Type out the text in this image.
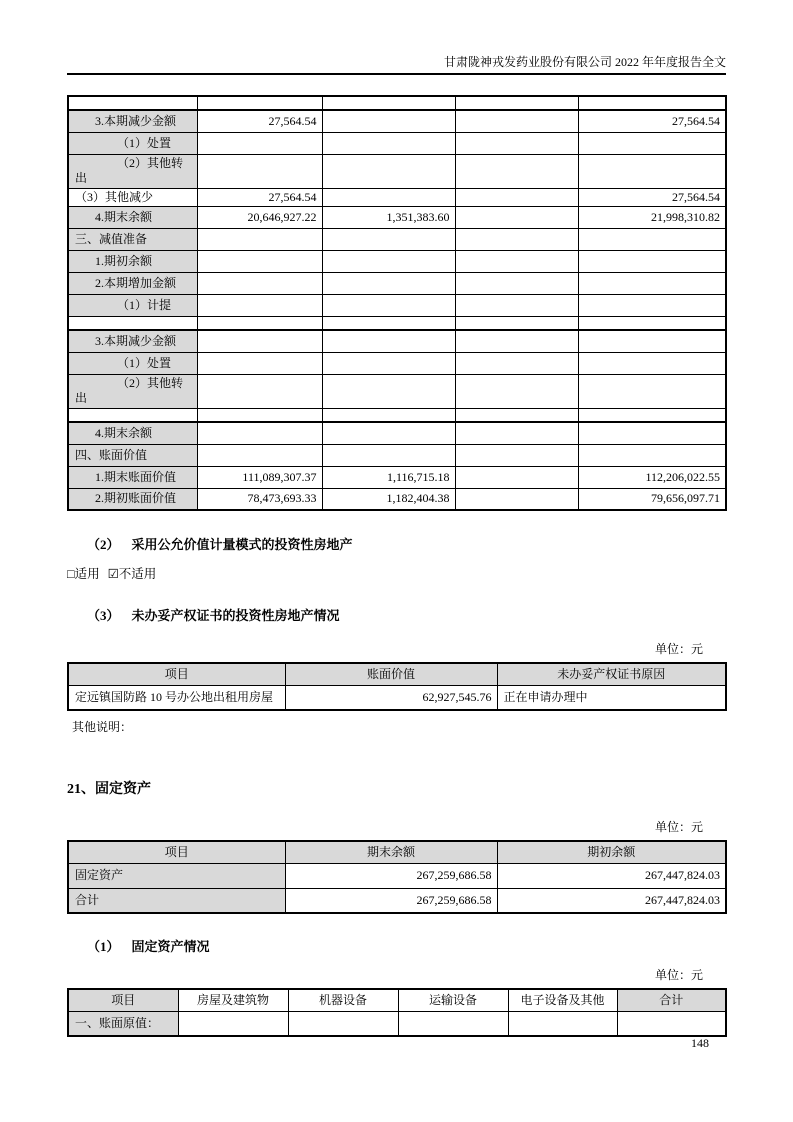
甘肃陇神戎发药业股份有限公司 2022 年年度报告全文

3.本期减少金额	27,564.54			27,564.54
（1）处置				
（2）其他转出				
（3）其他减少	27,564.54			27,564.54
4.期末余额	20,646,927.22	1,351,383.60		21,998,310.82
三、减值准备				
1.期初余额				
2.本期增加金额				
（1）计提				

3.本期减少金额				
（1）处置				
（2）其他转出				

4.期末余额				
四、账面价值				
1.期末账面价值	111,089,307.37	1,116,715.18		112,206,022.55
2.期初账面价值	78,473,693.33	1,182,404.38		79,656,097.71
（2） 采用公允价值计量模式的投资性房地产
□适用 ☑不适用
（3） 未办妥产权证书的投资性房地产情况
单位：元
项目	账面价值	未办妥产权证书原因
定远镇国防路 10 号办公地出租用房屋	62,927,545.76	正在申请办理中
其他说明：
21、固定资产
单位：元
项目	期末余额	期初余额
固定资产	267,259,686.58	267,447,824.03
合计	267,259,686.58	267,447,824.03
（1） 固定资产情况
单位：元
项目	房屋及建筑物	机器设备	运输设备	电子设备及其他	合计
一、账面原值：					
148
